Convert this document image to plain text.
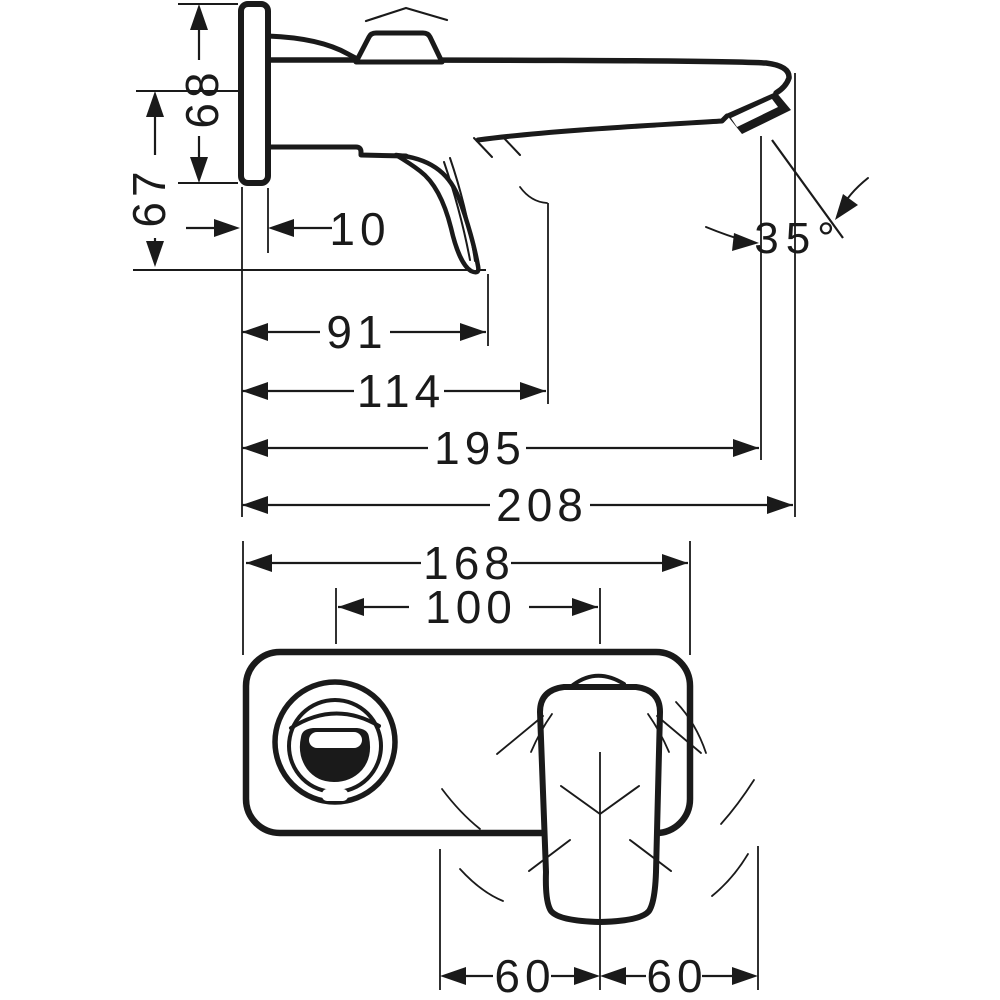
68
67
10
91
114
195
208
35°
168
100
60 60
